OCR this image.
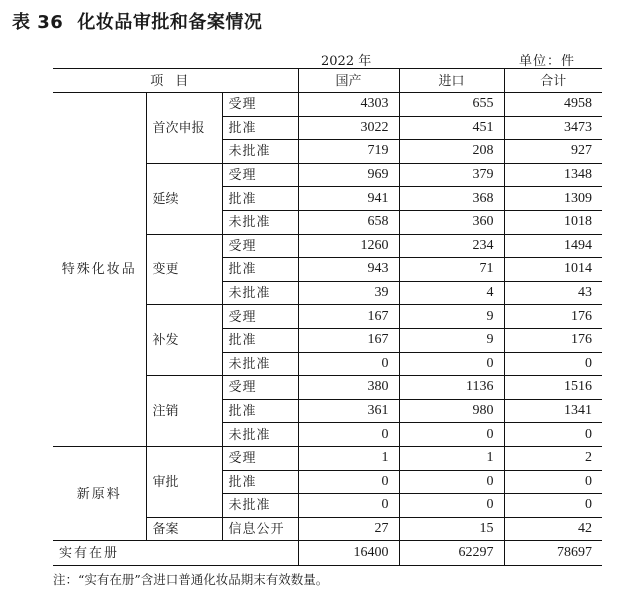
表 36 化妆品审批和备案情况
2022 年	单位：件
项目			国产	进口	合计
特殊化妆品	首次申报	受理	4303	655	4958
		批准	3022	451	3473
		未批准	719	208	927
	延续	受理	969	379	1348
		批准	941	368	1309
		未批准	658	360	1018
	变更	受理	1260	234	1494
		批准	943	71	1014
		未批准	39	4	43
	补发	受理	167	9	176
		批准	167	9	176
		未批准	0	0	0
	注销	受理	380	1136	1516
		批准	361	980	1341
		未批准	0	0	0
新原料	审批	受理	1	1	2
		批准	0	0	0
		未批准	0	0	0
	备案	信息公开	27	15	42
实有在册			16400	62297	78697
注：“实有在册”含进口普通化妆品期末有效数量。
